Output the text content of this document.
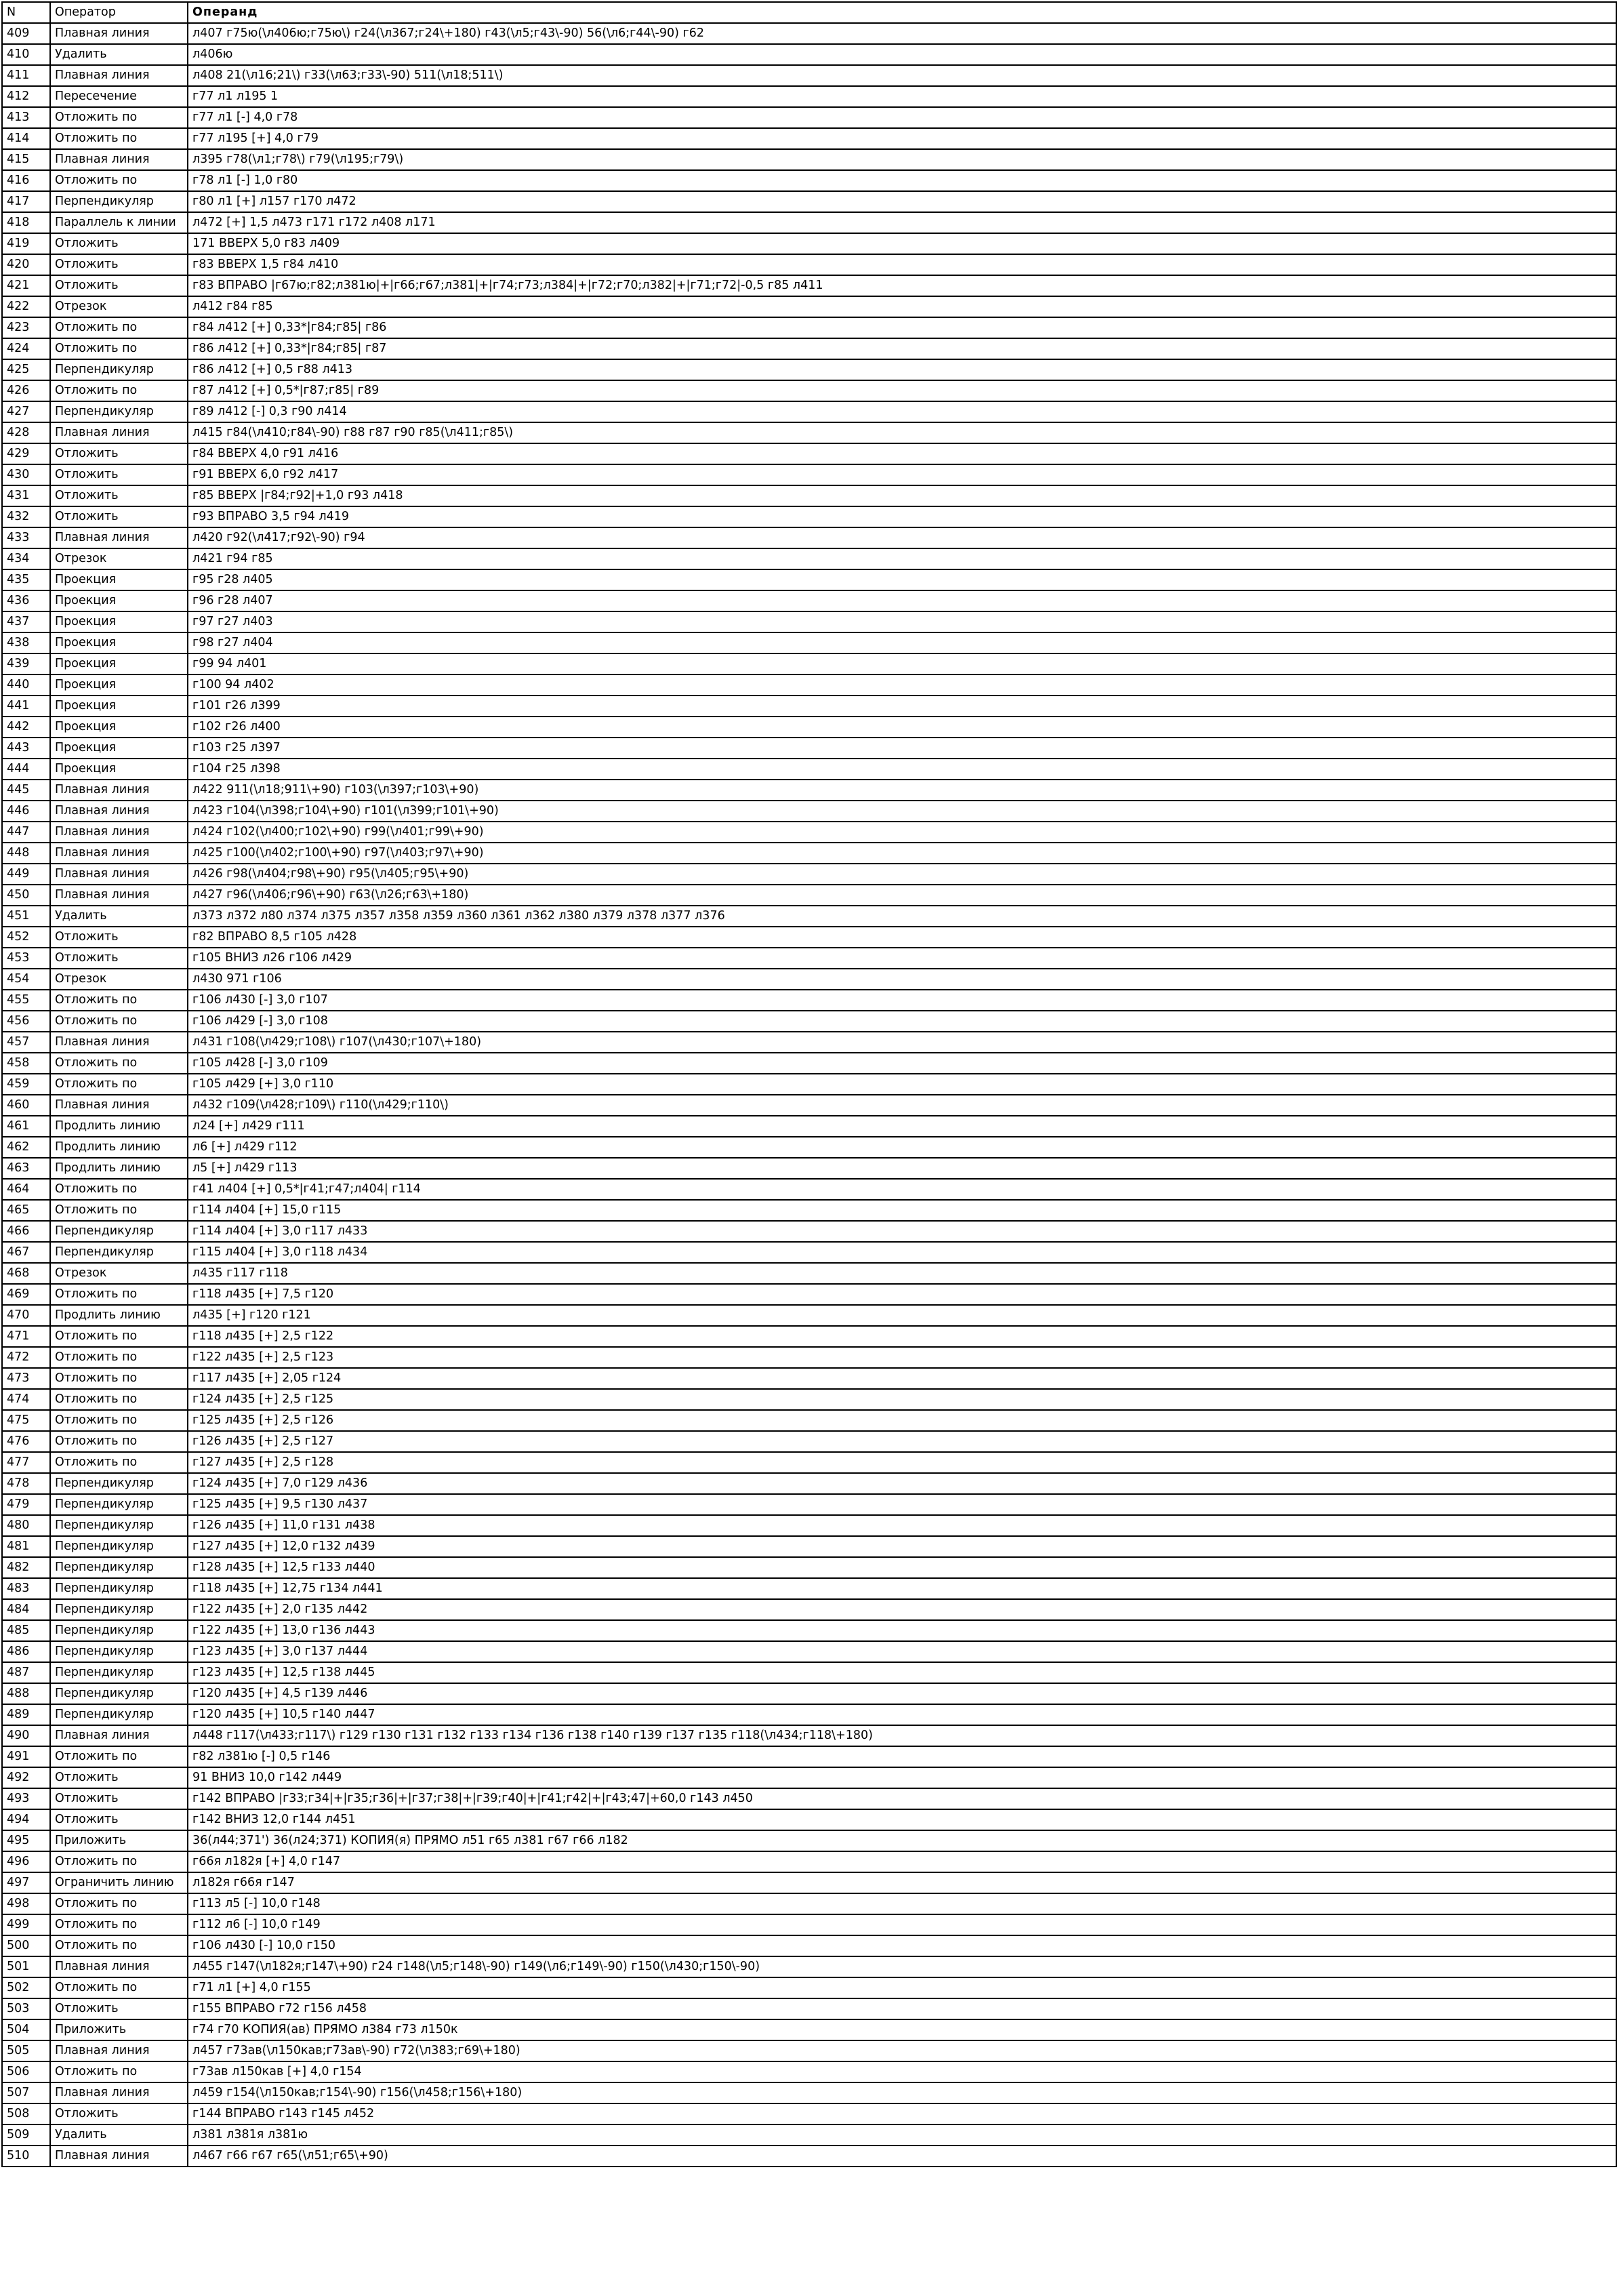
N	Оператор	Операнд
409	Плавная линия	л407 г75ю(\л406ю;г75ю\) г24(\л367;г24\+180) г43(\л5;г43\-90) 56(\л6;г44\-90) г62
410	Удалить	л406ю
411	Плавная линия	л408 21(\л16;21\) г33(\л63;г33\-90) 511(\л18;511\)
412	Пересечение	г77 л1 л195 1
413	Отложить по	г77 л1 [-] 4,0 г78
414	Отложить по	г77 л195 [+] 4,0 г79
415	Плавная линия	л395 г78(\л1;г78\) г79(\л195;г79\)
416	Отложить по	г78 л1 [-] 1,0 г80
417	Перпендикуляр	г80 л1 [+] л157 г170 л472
418	Параллель к линии	л472 [+] 1,5 л473 г171 г172 л408 л171
419	Отложить	171 ВВЕРХ 5,0 г83 л409
420	Отложить	г83 ВВЕРХ 1,5 г84 л410
421	Отложить	г83 ВПРАВО |г67ю;г82;л381ю|+|г66;г67;л381|+|г74;г73;л384|+|г72;г70;л382|+|г71;г72|-0,5 г85 л411
422	Отрезок	л412 г84 г85
423	Отложить по	г84 л412 [+] 0,33*|г84;г85| г86
424	Отложить по	г86 л412 [+] 0,33*|г84;г85| г87
425	Перпендикуляр	г86 л412 [+] 0,5 г88 л413
426	Отложить по	г87 л412 [+] 0,5*|г87;г85| г89
427	Перпендикуляр	г89 л412 [-] 0,3 г90 л414
428	Плавная линия	л415 г84(\л410;г84\-90) г88 г87 г90 г85(\л411;г85\)
429	Отложить	г84 ВВЕРХ 4,0 г91 л416
430	Отложить	г91 ВВЕРХ 6,0 г92 л417
431	Отложить	г85 ВВЕРХ |г84;г92|+1,0 г93 л418
432	Отложить	г93 ВПРАВО 3,5 г94 л419
433	Плавная линия	л420 г92(\л417;г92\-90) г94
434	Отрезок	л421 г94 г85
435	Проекция	г95 г28 л405
436	Проекция	г96 г28 л407
437	Проекция	г97 г27 л403
438	Проекция	г98 г27 л404
439	Проекция	г99 94 л401
440	Проекция	г100 94 л402
441	Проекция	г101 г26 л399
442	Проекция	г102 г26 л400
443	Проекция	г103 г25 л397
444	Проекция	г104 г25 л398
445	Плавная линия	л422 911(\л18;911\+90) г103(\л397;г103\+90)
446	Плавная линия	л423 г104(\л398;г104\+90) г101(\л399;г101\+90)
447	Плавная линия	л424 г102(\л400;г102\+90) г99(\л401;г99\+90)
448	Плавная линия	л425 г100(\л402;г100\+90) г97(\л403;г97\+90)
449	Плавная линия	л426 г98(\л404;г98\+90) г95(\л405;г95\+90)
450	Плавная линия	л427 г96(\л406;г96\+90) г63(\л26;г63\+180)
451	Удалить	л373 л372 л80 л374 л375 л357 л358 л359 л360 л361 л362 л380 л379 л378 л377 л376
452	Отложить	г82 ВПРАВО 8,5 г105 л428
453	Отложить	г105 ВНИЗ л26 г106 л429
454	Отрезок	л430 971 г106
455	Отложить по	г106 л430 [-] 3,0 г107
456	Отложить по	г106 л429 [-] 3,0 г108
457	Плавная линия	л431 г108(\л429;г108\) г107(\л430;г107\+180)
458	Отложить по	г105 л428 [-] 3,0 г109
459	Отложить по	г105 л429 [+] 3,0 г110
460	Плавная линия	л432 г109(\л428;г109\) г110(\л429;г110\)
461	Продлить линию	л24 [+] л429 г111
462	Продлить линию	л6 [+] л429 г112
463	Продлить линию	л5 [+] л429 г113
464	Отложить по	г41 л404 [+] 0,5*|г41;г47;л404| г114
465	Отложить по	г114 л404 [+] 15,0 г115
466	Перпендикуляр	г114 л404 [+] 3,0 г117 л433
467	Перпендикуляр	г115 л404 [+] 3,0 г118 л434
468	Отрезок	л435 г117 г118
469	Отложить по	г118 л435 [+] 7,5 г120
470	Продлить линию	л435 [+] г120 г121
471	Отложить по	г118 л435 [+] 2,5 г122
472	Отложить по	г122 л435 [+] 2,5 г123
473	Отложить по	г117 л435 [+] 2,05 г124
474	Отложить по	г124 л435 [+] 2,5 г125
475	Отложить по	г125 л435 [+] 2,5 г126
476	Отложить по	г126 л435 [+] 2,5 г127
477	Отложить по	г127 л435 [+] 2,5 г128
478	Перпендикуляр	г124 л435 [+] 7,0 г129 л436
479	Перпендикуляр	г125 л435 [+] 9,5 г130 л437
480	Перпендикуляр	г126 л435 [+] 11,0 г131 л438
481	Перпендикуляр	г127 л435 [+] 12,0 г132 л439
482	Перпендикуляр	г128 л435 [+] 12,5 г133 л440
483	Перпендикуляр	г118 л435 [+] 12,75 г134 л441
484	Перпендикуляр	г122 л435 [+] 2,0 г135 л442
485	Перпендикуляр	г122 л435 [+] 13,0 г136 л443
486	Перпендикуляр	г123 л435 [+] 3,0 г137 л444
487	Перпендикуляр	г123 л435 [+] 12,5 г138 л445
488	Перпендикуляр	г120 л435 [+] 4,5 г139 л446
489	Перпендикуляр	г120 л435 [+] 10,5 г140 л447
490	Плавная линия	л448 г117(\л433;г117\) г129 г130 г131 г132 г133 г134 г136 г138 г140 г139 г137 г135 г118(\л434;г118\+180)
491	Отложить по	г82 л381ю [-] 0,5 г146
492	Отложить	91 ВНИЗ 10,0 г142 л449
493	Отложить	г142 ВПРАВО |г33;г34|+|г35;г36|+|г37;г38|+|г39;г40|+|г41;г42|+|г43;47|+60,0 г143 л450
494	Отложить	г142 ВНИЗ 12,0 г144 л451
495	Приложить	36(л44;371') 36(л24;371) КОПИЯ(я) ПРЯМО л51 г65 л381 г67 г66 л182
496	Отложить по	г66я л182я [+] 4,0 г147
497	Ограничить линию	л182я г66я г147
498	Отложить по	г113 л5 [-] 10,0 г148
499	Отложить по	г112 л6 [-] 10,0 г149
500	Отложить по	г106 л430 [-] 10,0 г150
501	Плавная линия	л455 г147(\л182я;г147\+90) г24 г148(\л5;г148\-90) г149(\л6;г149\-90) г150(\л430;г150\-90)
502	Отложить по	г71 л1 [+] 4,0 г155
503	Отложить	г155 ВПРАВО г72 г156 л458
504	Приложить	г74 г70 КОПИЯ(ав) ПРЯМО л384 г73 л150к
505	Плавная линия	л457 г73ав(\л150кав;г73ав\-90) г72(\л383;г69\+180)
506	Отложить по	г73ав л150кав [+] 4,0 г154
507	Плавная линия	л459 г154(\л150кав;г154\-90) г156(\л458;г156\+180)
508	Отложить	г144 ВПРАВО г143 г145 л452
509	Удалить	л381 л381я л381ю
510	Плавная линия	л467 г66 г67 г65(\л51;г65\+90)
